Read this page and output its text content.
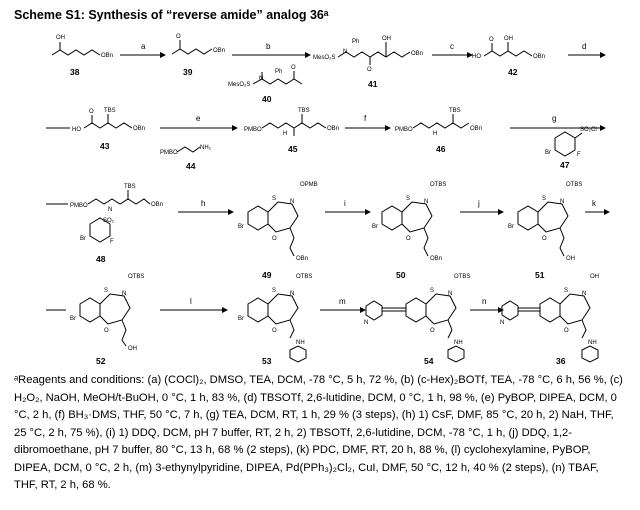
Scheme S1: Synthesis of “reverse amide” analog 36ᵃ
OH
OBn
38
a
O
OBn
39
b
MesO₂S
N
Ph
O
40
MesO₂S
N
Ph
O
OH
OBn
41
c
HO
O OH
OBn
42
d
HO
O TBS
OBn
43
e
PMBO
NH₂
44
PMBO
H
TBS
OBn
45
f
PMBO
H
TBS
OBn
46
g
SO₂Cl
Br	F
47
PMBO
N
TBS
OBn
SO₂
Br	F
48
h	S N
OPMB
Br
O
OBn
49
i	S N
OTBS
Br
O
OBn
50
j	S N
OTBS
Br
O
OH
51
k
S N
OTBS
Br
O
OH
52
l
S N
OTBS
Br
O
NH
53
m
N
S N
OTBS
O
NH
54
n
N
S N
OH
O
NH
36
ᵃReagents and conditions: (a) (COCl)₂, DMSO, TEA, DCM, -78 °C, 5 h, 72 %, (b) (c-Hex)₂BOTf, TEA, -78 °C, 6 h, 56 %, (c) H₂O₂, NaOH, MeOH/t-BuOH, 0 °C, 1 h, 83 %, (d) TBSOTf, 2,6-lutidine, DCM, 0 °C, 1 h, 98 %, (e) PyBOP, DIPEA, DCM, 0 °C, 2 h, (f) BH₃·DMS, THF, 50 °C, 7 h, (g) TEA, DCM, RT, 1 h, 29 % (3 steps), (h) 1) CsF, DMF, 85 °C, 20 h, 2) NaH, THF, 25 °C, 2 h, 75 %), (i) 1) DDQ, DCM, pH 7 buffer, RT, 2 h, 2) TBSOTf, 2,6-lutidine, DCM, -78 °C, 1 h, (j) DDQ, 1,2-dibromoethane, pH 7 buffer, 80 °C, 13 h, 68 % (2 steps), (k) PDC, DMF, RT, 20 h, 88 %, (l) cyclohexylamine, PyBOP, DIPEA, DCM, 0 °C, 2 h, (m) 3-ethynylpyridine, DIPEA, Pd(PPh₃)₂Cl₂, CuI, DMF, 50 °C, 12 h, 40 % (2 steps), (n) TBAF, THF, RT, 2 h, 68 %.
